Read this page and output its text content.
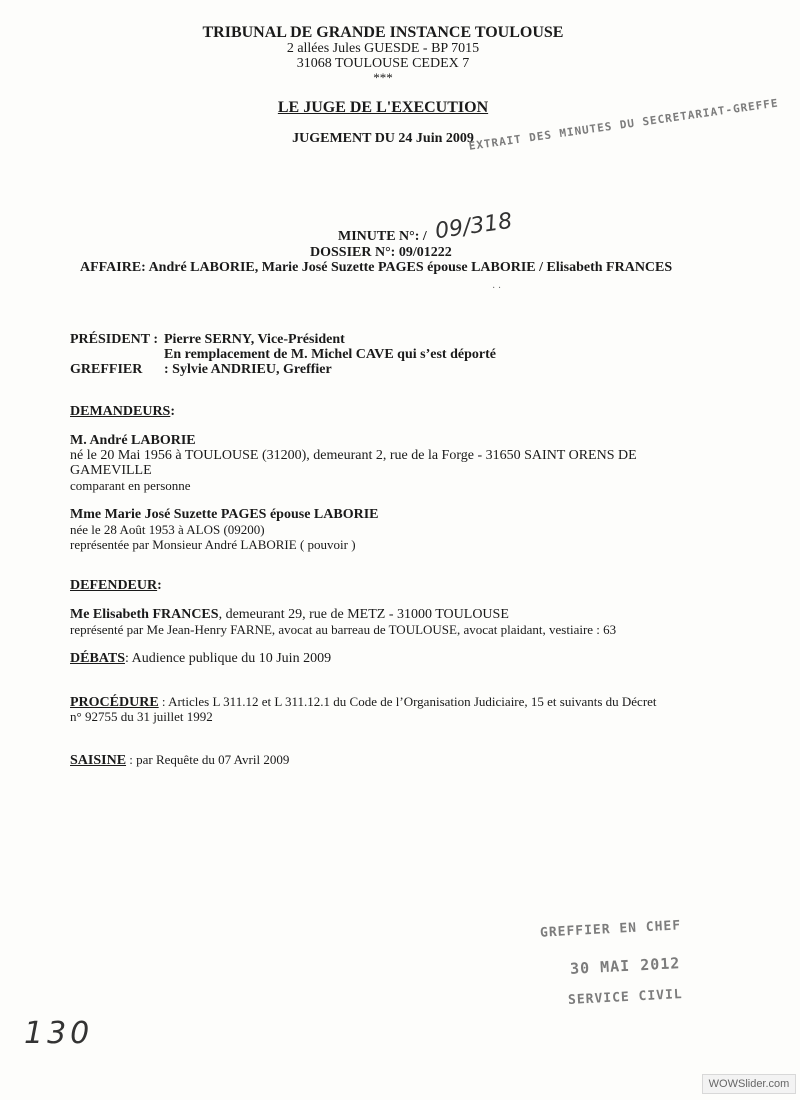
TRIBUNAL DE GRANDE INSTANCE TOULOUSE
2 allées Jules GUESDE - BP 7015
31068 TOULOUSE CEDEX 7
***
LE JUGE DE L'EXECUTION
JUGEMENT DU 24 Juin 2009
EXTRAIT DES MINUTES DU SECRETARIAT-GREFFE
MINUTE N°: / 09/318
DOSSIER N°: 09/01222
AFFAIRE: André LABORIE, Marie José Suzette PAGES épouse LABORIE / Elisabeth FRANCES
· ·
PRÉSIDENT : Pierre SERNY, Vice-Président
En remplacement de M. Michel CAVE qui s’est déporté
GREFFIER : Sylvie ANDRIEU, Greffier
DEMANDEURS:
M. André LABORIE
né le 20 Mai 1956 à TOULOUSE (31200), demeurant 2, rue de la Forge - 31650 SAINT ORENS DE
GAMEVILLE
comparant en personne
Mme Marie José Suzette PAGES épouse LABORIE
née le 28 Août 1953 à ALOS (09200)
représentée par Monsieur André LABORIE ( pouvoir )
DEFENDEUR:
Me Elisabeth FRANCES, demeurant 29, rue de METZ - 31000 TOULOUSE
représenté par Me Jean-Henry FARNE, avocat au barreau de TOULOUSE, avocat plaidant, vestiaire : 63
DÉBATS: Audience publique du 10 Juin 2009
PROCÉDURE : Articles L 311.12 et L 311.12.1 du Code de l’Organisation Judiciaire, 15 et suivants du Décret
n° 92755 du 31 juillet 1992
SAISINE : par Requête du 07 Avril 2009
GREFFIER EN CHEF
30 MAI 2012
SERVICE CIVIL
130
WOWSlider.com
